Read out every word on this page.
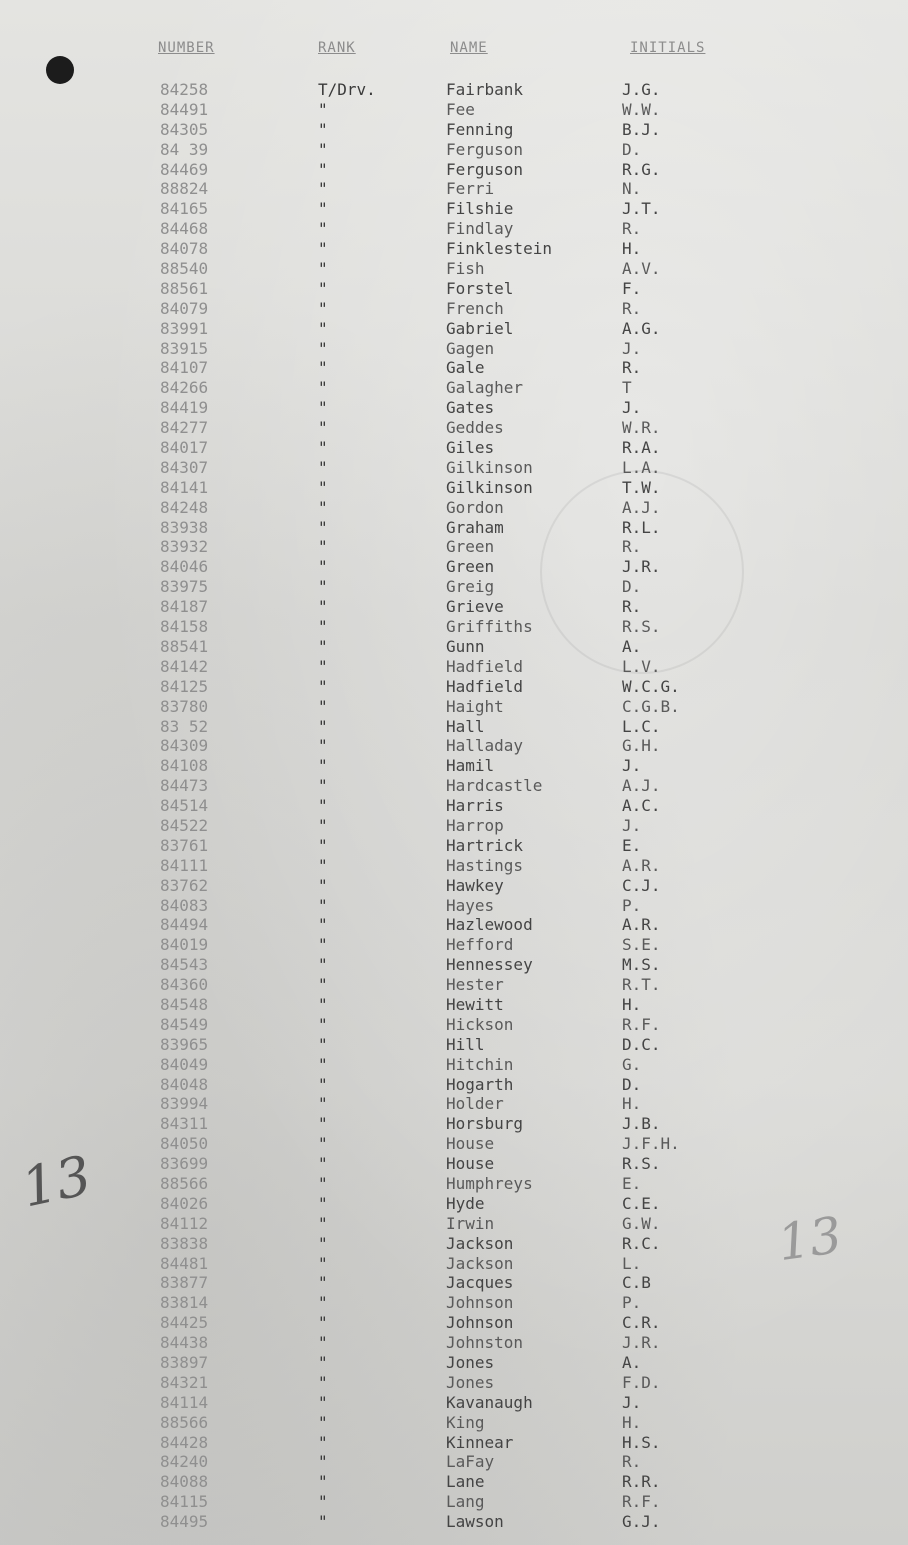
NUMBER	RANK	NAME	INITIALS
84258	T/Drv.	Fairbank	J.G.
84491	"	Fee	W.W.
84305	"	Fenning	B.J.
84 39	"	Ferguson	D.
84469	"	Ferguson	R.G.
88824	"	Ferri	N.
84165	"	Filshie	J.T.
84468	"	Findlay	R.
84078	"	Finklestein	H.
88540	"	Fish	A.V.
88561	"	Forstel	F.
84079	"	French	R.
83991	"	Gabriel	A.G.
83915	"	Gagen	J.
84107	"	Gale	R.
84266	"	Galagher	T
84419	"	Gates	J.
84277	"	Geddes	W.R.
84017	"	Giles	R.A.
84307	"	Gilkinson	L.A.
84141	"	Gilkinson	T.W.
84248	"	Gordon	A.J.
83938	"	Graham	R.L.
83932	"	Green	R.
84046	"	Green	J.R.
83975	"	Greig	D.
84187	"	Grieve	R.
84158	"	Griffiths	R.S.
88541	"	Gunn	A.
84142	"	Hadfield	L.V.
84125	"	Hadfield	W.C.G.
83780	"	Haight	C.G.B.
83 52	"	Hall	L.C.
84309	"	Halladay	G.H.
84108	"	Hamil	J.
84473	"	Hardcastle	A.J.
84514	"	Harris	A.C.
84522	"	Harrop	J.
83761	"	Hartrick	E.
84111	"	Hastings	A.R.
83762	"	Hawkey	C.J.
84083	"	Hayes	P.
84494	"	Hazlewood	A.R.
84019	"	Hefford	S.E.
84543	"	Hennessey	M.S.
84360	"	Hester	R.T.
84548	"	Hewitt	H.
84549	"	Hickson	R.F.
83965	"	Hill	D.C.
84049	"	Hitchin	G.
84048	"	Hogarth	D.
83994	"	Holder	H.
84311	"	Horsburg	J.B.
84050	"	House	J.F.H.
83699	"	House	R.S.
88566	"	Humphreys	E.
84026	"	Hyde	C.E.
84112	"	Irwin	G.W.
83838	"	Jackson	R.C.
84481	"	Jackson	L.
83877	"	Jacques	C.B
83814	"	Johnson	P.
84425	"	Johnson	C.R.
84438	"	Johnston	J.R.
83897	"	Jones	A.
84321	"	Jones	F.D.
84114	"	Kavanaugh	J.
88566	"	King	H.
84428	"	Kinnear	H.S.
84240	"	LaFay	R.
84088	"	Lane	R.R.
84115	"	Lang	R.F.
84495	"	Lawson	G.J.
13
13
